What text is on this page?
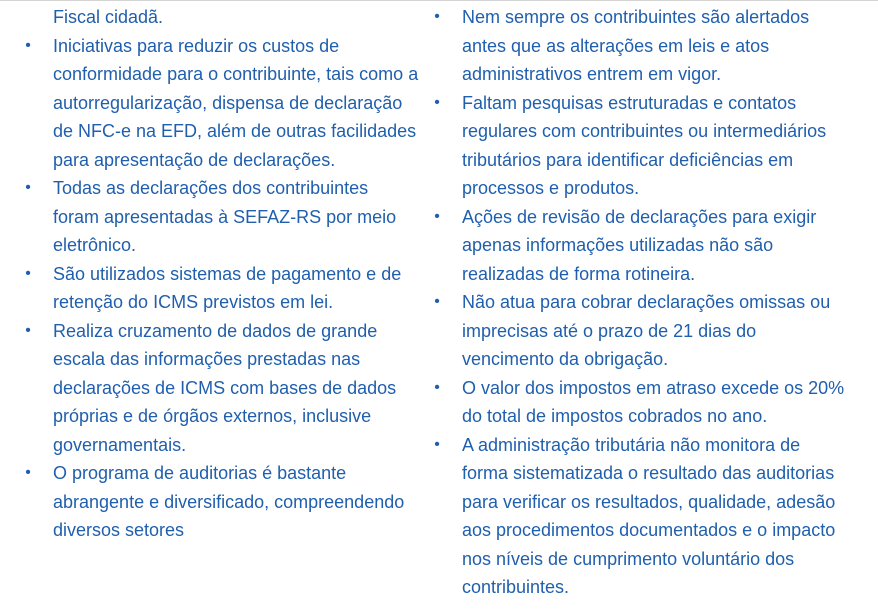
Fiscal cidadã.
• Iniciativas para reduzir os custos de conformidade para o contribuinte, tais como a autorregularização, dispensa de declaração de NFC-e na EFD, além de outras facilidades para apresentação de declarações.
• Todas as declarações dos contribuintes foram apresentadas à SEFAZ-RS por meio eletrônico.
• São utilizados sistemas de pagamento e de retenção do ICMS previstos em lei.
• Realiza cruzamento de dados de grande escala das informações prestadas nas declarações de ICMS com bases de dados próprias e de órgãos externos, inclusive governamentais.
• O programa de auditorias é bastante abrangente e diversificado, compreendendo diversos setores
• Nem sempre os contribuintes são alertados antes que as alterações em leis e atos administrativos entrem em vigor.
• Faltam pesquisas estruturadas e contatos regulares com contribuintes ou intermediários tributários para identificar deficiências em processos e produtos.
• Ações de revisão de declarações para exigir apenas informações utilizadas não são realizadas de forma rotineira.
• Não atua para cobrar declarações omissas ou imprecisas até o prazo de 21 dias do vencimento da obrigação.
• O valor dos impostos em atraso excede os 20% do total de impostos cobrados no ano.
• A administração tributária não monitora de forma sistematizada o resultado das auditorias para verificar os resultados, qualidade, adesão aos procedimentos documentados e o impacto nos níveis de cumprimento voluntário dos contribuintes.
